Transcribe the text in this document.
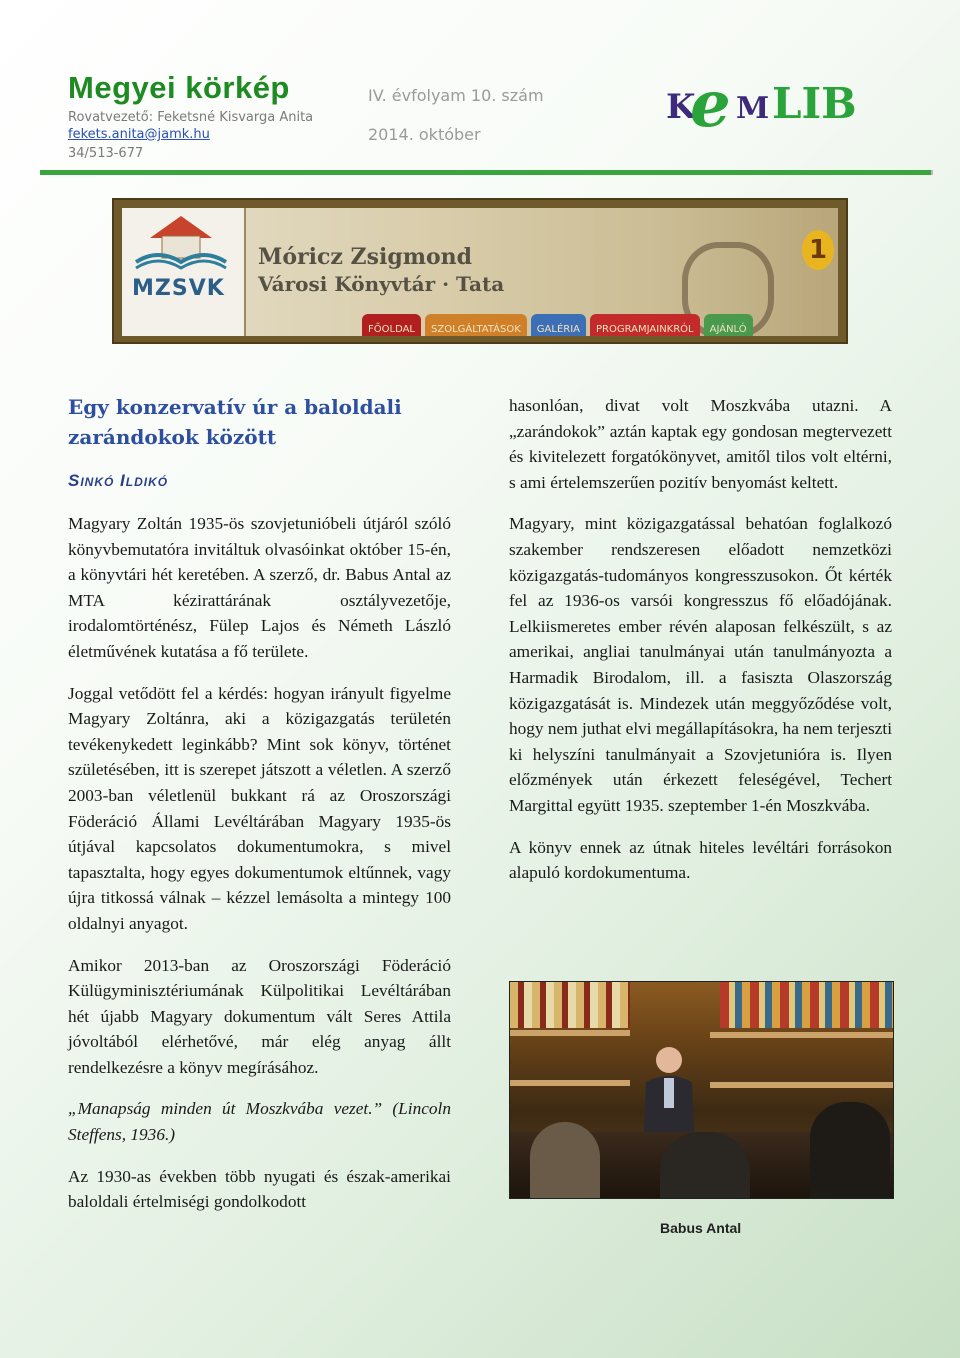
Megyei körkép
Rovatvezető: Feketsné Kisvarga Anita
fekets.anita@jamk.hu
34/513-677
IV. évfolyam 10. szám
2014. október
K
e M LIB
MZSVK
Móricz Zsigmond
Városi Könyvtár · Tata
1
FŐOLDAL	SZOLGÁLTATÁSOK	GALÉRIA	PROGRAMJAINKRÓL	AJÁNLÓ
Egy konzervatív úr a baloldali zarándokok között
Sinkó Ildikó

Magyary Zoltán 1935-ös szovjetunióbeli útjáról szóló könyvbemutatóra invitáltuk olvasóinkat október 15-én, a könyvtári hét keretében. A szerző, dr. Babus Antal az MTA kézirattárának osztályvezetője, irodalomtörténész, Fülep Lajos és Németh László életművének kutatása a fő területe.

Joggal vetődött fel a kérdés: hogyan irányult figyelme Magyary Zoltánra, aki a közigazgatás területén tevékenykedett leginkább? Mint sok könyv, történet születésében, itt is szerepet játszott a véletlen. A szerző 2003-ban véletlenül bukkant rá az Oroszországi Föderáció Állami Levéltárában Magyary 1935-ös útjával kapcsolatos dokumentumokra, s mivel tapasztalta, hogy egyes dokumentumok eltűnnek, vagy újra titkossá válnak – kézzel lemásolta a mintegy 100 oldalnyi anyagot.

Amikor 2013-ban az Oroszországi Föderáció Külügyminisztériumának Külpolitikai Levéltárában hét újabb Magyary dokumentum vált Seres Attila jóvoltából elérhetővé, már elég anyag állt rendelkezésre a könyv megírásához.

„Manapság minden út Moszkvába vezet.” (Lincoln Steffens, 1936.)

Az 1930-as években több nyugati és észak-amerikai baloldali értelmiségi gondolkodott

hasonlóan, divat volt Moszkvába utazni. A „zarándokok” aztán kaptak egy gondosan megtervezett és kivitelezett forgatókönyvet, amitől tilos volt eltérni, s ami értelemszerűen pozitív benyomást keltett.

Magyary, mint közigazgatással behatóan foglalkozó szakember rendszeresen előadott nemzetközi közigazgatás-tudományos kongresszusokon. Őt kérték fel az 1936-os varsói kongresszus fő előadójának. Lelkiismeretes ember révén alaposan felkészült, s az amerikai, angliai tanulmányai után tanulmányozta a Harmadik Birodalom, ill. a fasiszta Olaszország közigazgatását is. Mindezek után meggyőződése volt, hogy nem juthat elvi megállapításokra, ha nem terjeszti ki helyszíni tanulmányait a Szovjetunióra is. Ilyen előzmények után érkezett feleségével, Techert Margittal együtt 1935. szeptember 1-én Moszkvába.

A könyv ennek az útnak hiteles levéltári forrásokon alapuló kordokumentuma.

Babus Antal
